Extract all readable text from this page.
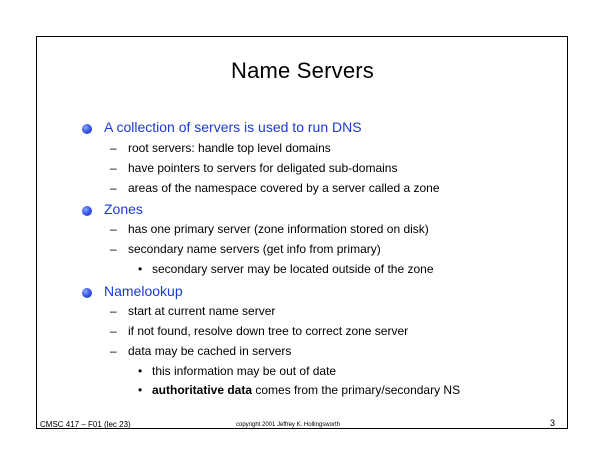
Name Servers
A collection of servers is used to run DNS
– root servers: handle top level domains
– have pointers to servers for deligated sub-domains
– areas of the namespace covered by a server called a zone
Zones
– has one primary server (zone information stored on disk)
– secondary name servers (get info from primary)
• secondary server may be located outside of the zone
Namelookup
– start at current name server
– if not found, resolve down tree to correct zone server
– data may be cached in servers
• this information may be out of date
• authoritative data comes from the primary/secondary NS
CMSC 417 – F01 (lec 23)	copyright 2001 Jeffrey K. Hollingsworth	3
